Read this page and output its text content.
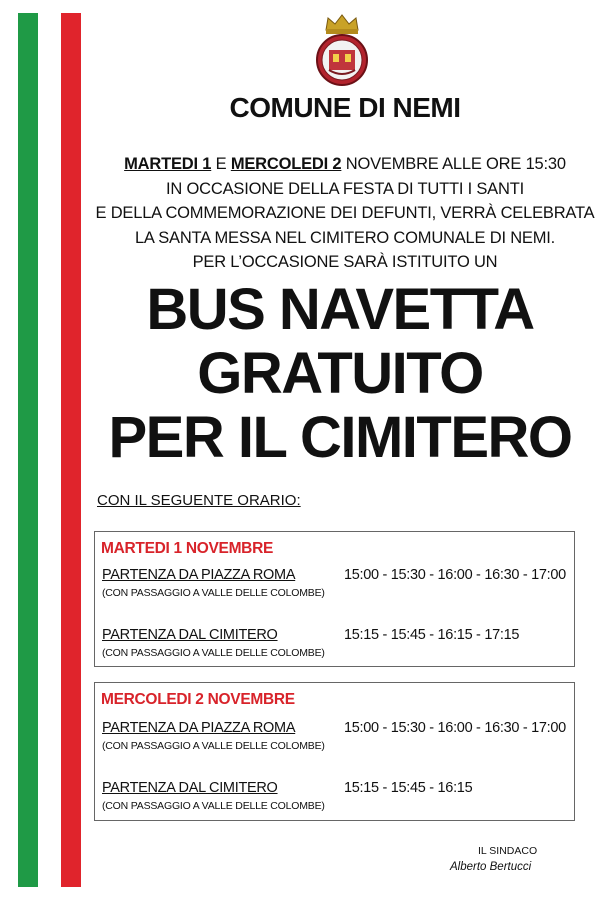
COMUNE DI NEMI
MARTEDI 1 E MERCOLEDI 2 NOVEMBRE ALLE ORE 15:30
IN OCCASIONE DELLA FESTA DI TUTTI I SANTI
E DELLA COMMEMORAZIONE DEI DEFUNTI, VERRÀ CELEBRATA
LA SANTA MESSA NEL CIMITERO COMUNALE DI NEMI.
PER L’OCCASIONE SARÀ ISTITUITO UN
BUS NAVETTA
GRATUITO
PER IL CIMITERO
CON IL SEGUENTE ORARIO:
MARTEDI 1 NOVEMBRE
PARTENZA DA PIAZZA ROMA	15:00 - 15:30 - 16:00 - 16:30 - 17:00
(CON PASSAGGIO A VALLE DELLE COLOMBE)
PARTENZA DAL CIMITERO	15:15 - 15:45 - 16:15 - 17:15
(CON PASSAGGIO A VALLE DELLE COLOMBE)
MERCOLEDI 2 NOVEMBRE
PARTENZA DA PIAZZA ROMA	15:00 - 15:30 - 16:00 - 16:30 - 17:00
(CON PASSAGGIO A VALLE DELLE COLOMBE)
PARTENZA DAL CIMITERO	15:15 - 15:45 - 16:15
(CON PASSAGGIO A VALLE DELLE COLOMBE)
IL SINDACO
Alberto Bertucci
